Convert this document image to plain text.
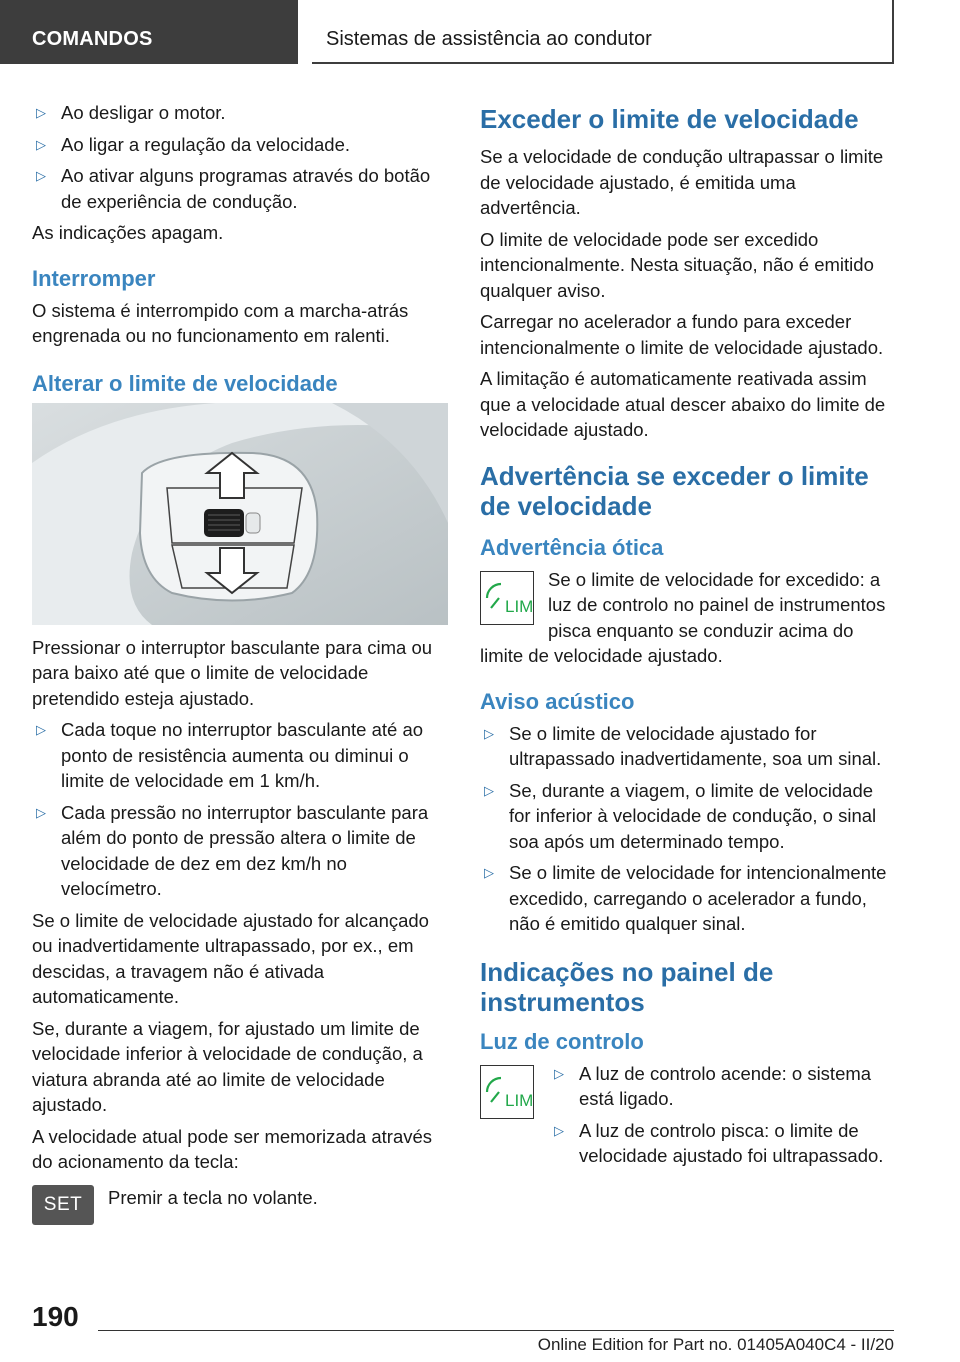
COMANDOS	Sistemas de assistência ao condutor
▷ Ao desligar o motor.
▷ Ao ligar a regulação da velocidade.
▷ Ao ativar alguns programas através do botão de experiência de condução.

As indicações apagam.

Interromper

O sistema é interrompido com a marcha-atrás engrenada ou no funcionamento em ralenti.

Alterar o limite de velocidade

Pressionar o interruptor basculante para cima ou para baixo até que o limite de velocidade pretendido esteja ajustado.

▷ Cada toque no interruptor basculante até ao ponto de resistência aumenta ou diminui o limite de velocidade em 1 km/h.
▷ Cada pressão no interruptor basculante para além do ponto de pressão altera o limite de velocidade de dez em dez km/h no velocímetro.

Se o limite de velocidade ajustado for alcançado ou inadvertidamente ultrapassado, por ex., em descidas, a travagem não é ativada automaticamente.

Se, durante a viagem, for ajustado um limite de velocidade inferior à velocidade de condução, a viatura abranda até ao limite de velocidade ajustado.

A velocidade atual pode ser memorizada através do acionamento da tecla:

SET	Premir a tecla no volante.

Exceder o limite de velocidade

Se a velocidade de condução ultrapassar o limite de velocidade ajustado, é emitida uma advertência.

O limite de velocidade pode ser excedido intencionalmente. Nesta situação, não é emitido qualquer aviso.

Carregar no acelerador a fundo para exceder intencionalmente o limite de velocidade ajustado.

A limitação é automaticamente reativada assim que a velocidade atual descer abaixo do limite de velocidade ajustado.

Advertência se exceder o limite de velocidade
Advertência ótica
LIM

Se o limite de velocidade for excedido: a luz de controlo no painel de instrumentos pisca enquanto se conduzir acima do limite de velocidade ajustado.

Aviso acústico
▷ Se o limite de velocidade ajustado for ultrapassado inadvertidamente, soa um sinal.
▷ Se, durante a viagem, o limite de velocidade for inferior à velocidade de condução, o sinal soa após um determinado tempo.
▷ Se o limite de velocidade for intencionalmente excedido, carregando o acelerador a fundo, não é emitido qualquer sinal.
Indicações no painel de instrumentos
Luz de controlo
LIM
▷ A luz de controlo acende: o sistema está ligado.
▷ A luz de controlo pisca: o limite de velocidade ajustado foi ultrapassado.
190
Online Edition for Part no. 01405A040C4 - II/20
